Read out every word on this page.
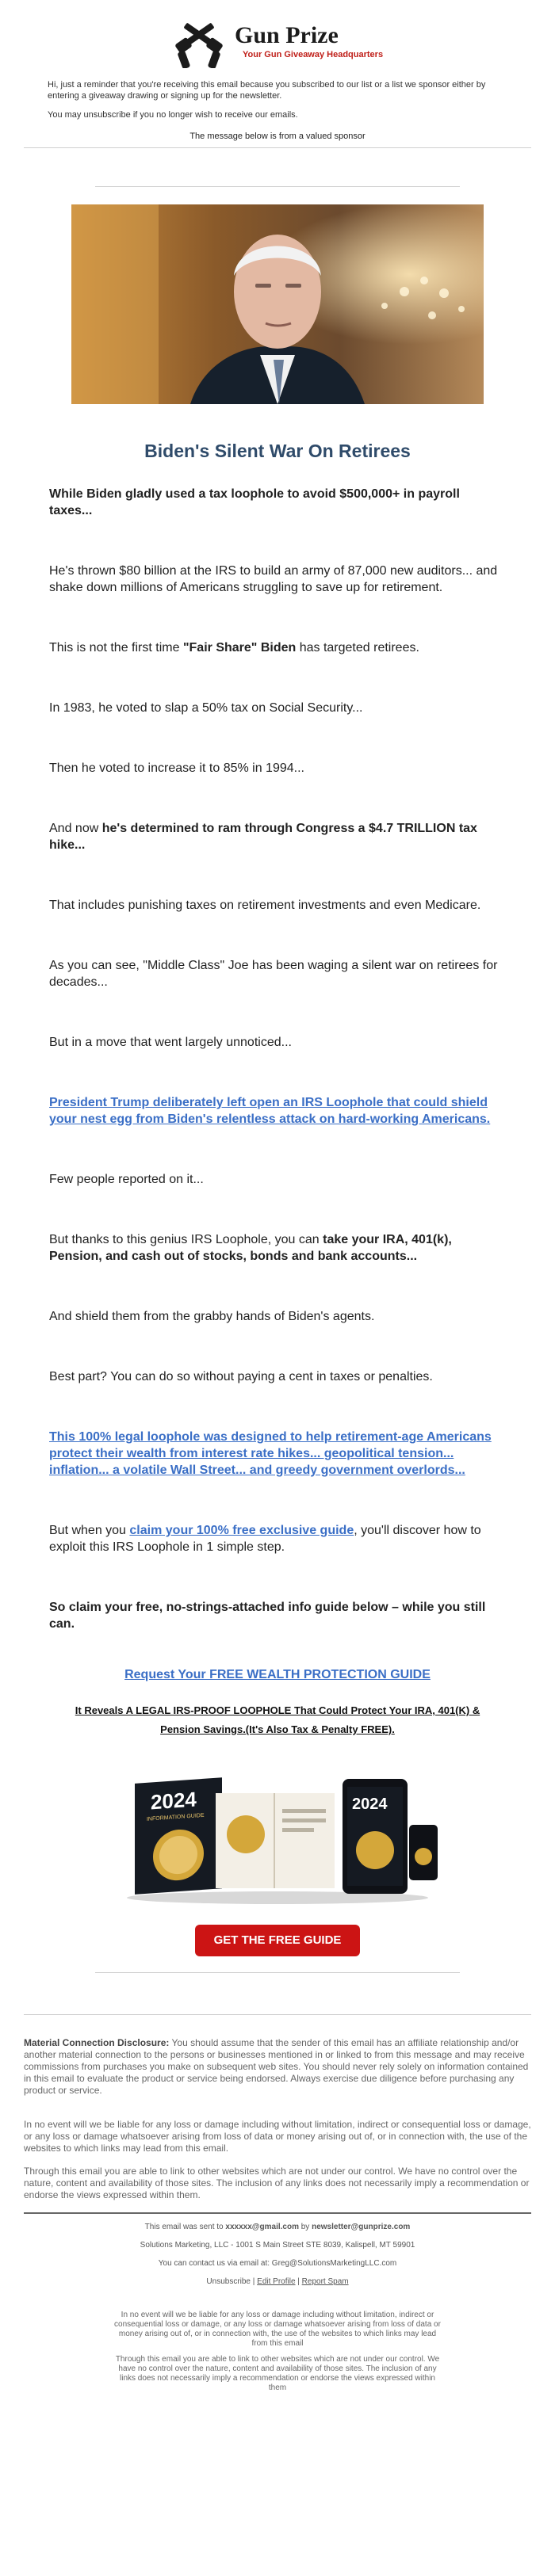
Gun Prize
Your Gun Giveaway Headquarters

Hi, just a reminder that you're receiving this email because you subscribed to our list or a list we sponsor either by entering a giveaway drawing or signing up for the newsletter.

You may unsubscribe if you no longer wish to receive our emails.

The message below is from a valued sponsor
Biden's Silent War On Retirees

While Biden gladly used a tax loophole to avoid $500,000+ in payroll taxes...

He's thrown $80 billion at the IRS to build an army of 87,000 new auditors... and shake down millions of Americans struggling to save up for retirement.

This is not the first time "Fair Share" Biden has targeted retirees.

In 1983, he voted to slap a 50% tax on Social Security...

Then he voted to increase it to 85% in 1994...

And now he's determined to ram through Congress a $4.7 TRILLION tax hike...

That includes punishing taxes on retirement investments and even Medicare.

As you can see, "Middle Class" Joe has been waging a silent war on retirees for decades...

But in a move that went largely unnoticed...

President Trump deliberately left open an IRS Loophole that could shield your nest egg from Biden's relentless attack on hard-working Americans.

Few people reported on it...

But thanks to this genius IRS Loophole, you can take your IRA, 401(k), Pension, and cash out of stocks, bonds and bank accounts...

And shield them from the grabby hands of Biden's agents.

Best part? You can do so without paying a cent in taxes or penalties.

This 100% legal loophole was designed to help retirement-age Americans protect their wealth from interest rate hikes... geopolitical tension... inflation... a volatile Wall Street... and greedy government overlords...

But when you claim your 100% free exclusive guide, you'll discover how to exploit this IRS Loophole in 1 simple step.

So claim your free, no-strings-attached info guide below – while you still can.

Request Your FREE WEALTH PROTECTION GUIDE
It Reveals A LEGAL IRS-PROOF LOOPHOLE That Could Protect Your IRA, 401(K) & Pension Savings.(It's Also Tax & Penalty FREE).
2024
INFORMATION GUIDE
2024
GET THE FREE GUIDE

Material Connection Disclosure: You should assume that the sender of this email has an affiliate relationship and/or another material connection to the persons or businesses mentioned in or linked to from this message and may receive commissions from purchases you make on subsequent web sites. You should never rely solely on information contained in this email to evaluate the product or service being endorsed. Always exercise due diligence before purchasing any product or service.

In no event will we be liable for any loss or damage including without limitation, indirect or consequential loss or damage, or any loss or damage whatsoever arising from loss of data or money arising out of, or in connection with, the use of the websites to which links may lead from this email.

Through this email you are able to link to other websites which are not under our control. We have no control over the nature, content and availability of those sites. The inclusion of any links does not necessarily imply a recommendation or endorse the views expressed within them.

This email was sent to xxxxxx@gmail.com by newsletter@gunprize.com

Solutions Marketing, LLC - 1001 S Main Street STE 8039, Kalispell, MT 59901

You can contact us via email at: Greg@SolutionsMarketingLLC.com

Unsubscribe | Edit Profile | Report Spam

In no event will we be liable for any loss or damage including without limitation, indirect or consequential loss or damage, or any loss or damage whatsoever arising from loss of data or money arising out of, or in connection with, the use of the websites to which links may lead from this email

Through this email you are able to link to other websites which are not under our control. We have no control over the nature, content and availability of those sites. The inclusion of any links does not necessarily imply a recommendation or endorse the views expressed within them
